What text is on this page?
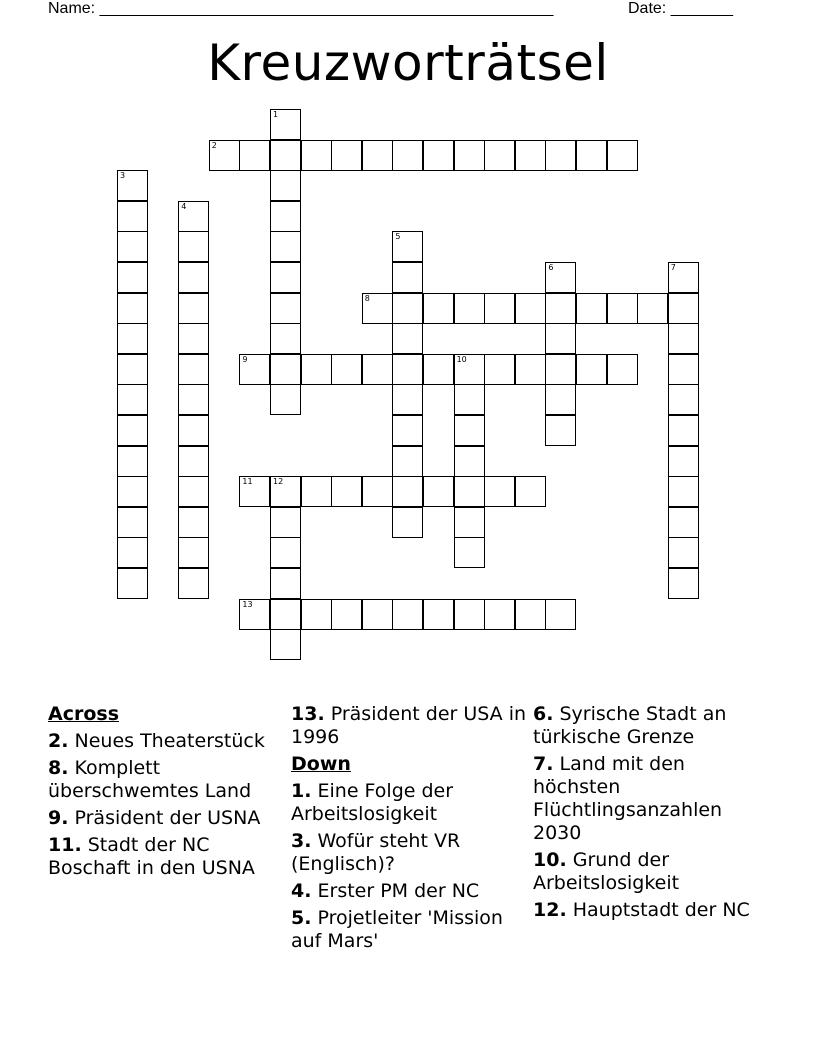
Name: ___________________________________________________	Date: _______
Kreuzworträtsel
1
2
3
4
5
6	7
8
9	10
11	12
13
Across
2. Neues Theaterstück
8. Komplett überschwemtes Land
9. Präsident der USNA
11. Stadt der NC Boschaft in den USNA
13. Präsident der USA in 1996
Down
1. Eine Folge der Arbeitslosigkeit
3. Wofür steht VR (Englisch)?
4. Erster PM der NC
5. Projetleiter 'Mission auf Mars'
6. Syrische Stadt an türkische Grenze
7. Land mit den höchsten Flüchtlingsanzahlen 2030
10. Grund der Arbeitslosigkeit
12. Hauptstadt der NC
